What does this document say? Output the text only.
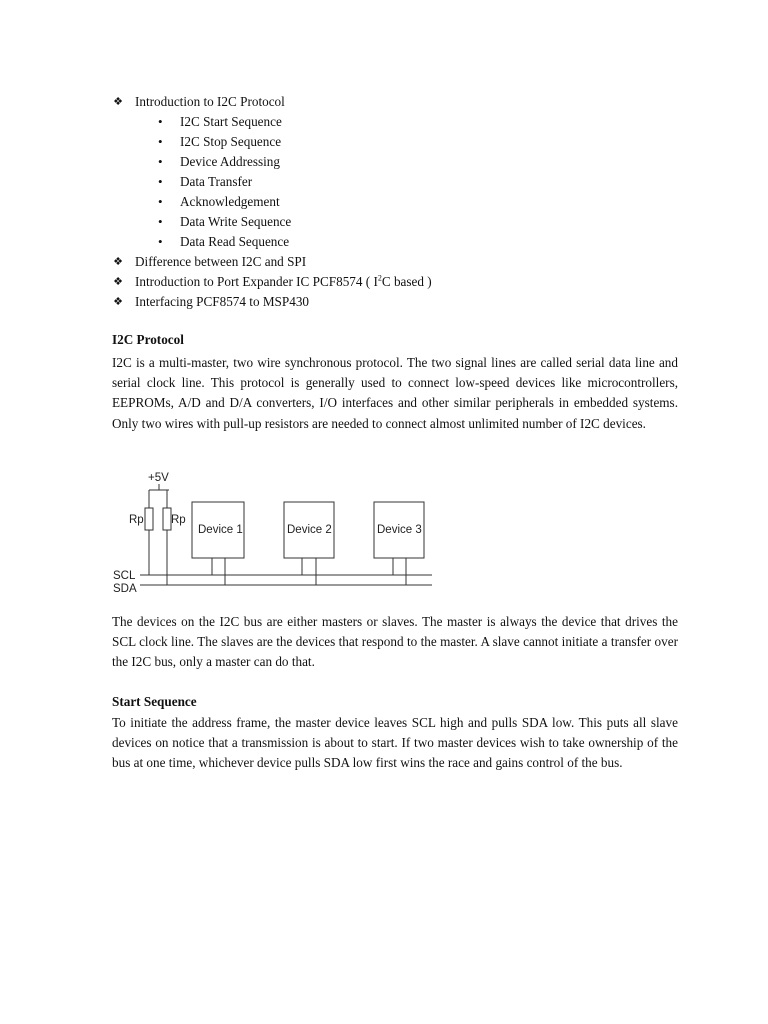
❖ Introduction to I2C Protocol
• I2C Start Sequence
• I2C Stop Sequence
• Device Addressing
• Data Transfer
• Acknowledgement
• Data Write Sequence
• Data Read Sequence
❖ Difference between I2C and SPI
❖ Introduction to Port Expander IC PCF8574 ( $I^2C$ based )
❖ Interfacing PCF8574 to MSP430
I2C Protocol
I2C is a multi-master, two wire synchronous protocol. The two signal lines are called serial data line and serial clock line. This protocol is generally used to connect low-speed devices like microcontrollers, EEPROMs, A/D and D/A converters, I/O interfaces and other similar peripherals in embedded systems. Only two wires with pull-up resistors are needed to connect almost unlimited number of I2C devices.
+5V
Rp Rp
Device 1	Device 2	Device 3
SCL
SDA
The devices on the I2C bus are either masters or slaves. The master is always the device that drives the SCL clock line. The slaves are the devices that respond to the master. A slave cannot initiate a transfer over the I2C bus, only a master can do that.
Start Sequence
To initiate the address frame, the master device leaves SCL high and pulls SDA low. This puts all slave devices on notice that a transmission is about to start. If two master devices wish to take ownership of the bus at one time, whichever device pulls SDA low first wins the race and gains control of the bus.
